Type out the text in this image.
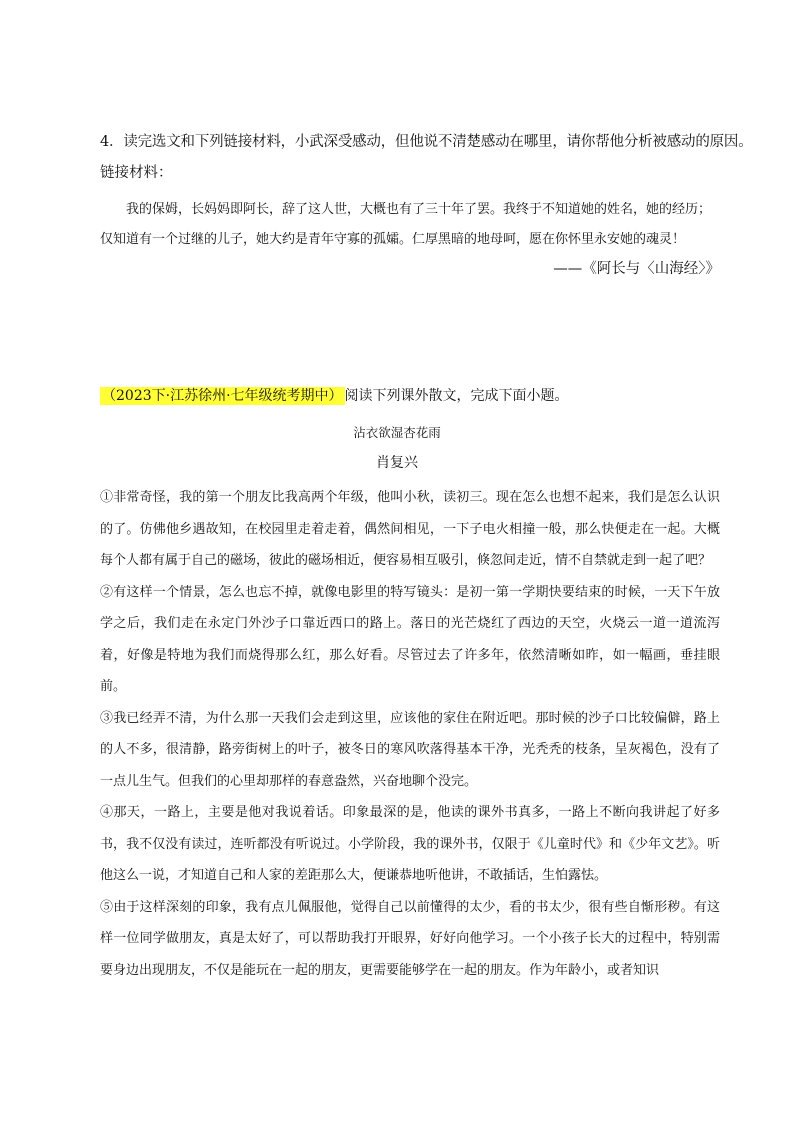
4．读完选文和下列链接材料，小武深受感动，但他说不清楚感动在哪里，请你帮他分析被感动的原因。
链接材料：

我的保姆，长妈妈即阿长，辞了这人世，大概也有了三十年了罢。我终于不知道她的姓名，她的经历；

仅知道有一个过继的儿子，她大约是青年守寡的孤孀。仁厚黑暗的地母呵，愿在你怀里永安她的魂灵！

——《阿长与〈山海经〉》
（2023下·江苏徐州·七年级统考期中） 阅读下列课外散文，完成下面小题。
沾衣欲湿杏花雨
肖复兴

①非常奇怪，我的第一个朋友比我高两个年级，他叫小秋，读初三。现在怎么也想不起来，我们是怎么认识的了。仿佛他乡遇故知，在校园里走着走着，偶然间相见，一下子电火相撞一般，那么快便走在一起。大概每个人都有属于自己的磁场，彼此的磁场相近，便容易相互吸引，倏忽间走近，情不自禁就走到一起了吧？

②有这样一个情景，怎么也忘不掉，就像电影里的特写镜头：是初一第一学期快要结束的时候，一天下午放学之后，我们走在永定门外沙子口靠近西口的路上。落日的光芒烧红了西边的天空，火烧云一道一道流泻着，好像是特地为我们而烧得那么红，那么好看。尽管过去了许多年，依然清晰如昨，如一幅画，垂挂眼前。

③我已经弄不清，为什么那一天我们会走到这里，应该他的家住在附近吧。那时候的沙子口比较偏僻，路上的人不多，很清静，路旁街树上的叶子，被冬日的寒风吹落得基本干净，光秃秃的枝条，呈灰褐色，没有了一点儿生气。但我们的心里却那样的春意盎然，兴奋地聊个没完。

④那天，一路上，主要是他对我说着话。印象最深的是，他读的课外书真多，一路上不断向我讲起了好多书，我不仅没有读过，连听都没有听说过。小学阶段，我的课外书，仅限于《儿童时代》和《少年文艺》。听他这么一说，才知道自己和人家的差距那么大，便谦恭地听他讲，不敢插话，生怕露怯。

⑤由于这样深刻的印象，我有点儿佩服他，觉得自己以前懂得的太少，看的书太少，很有些自惭形秽。有这样一位同学做朋友，真是太好了，可以帮助我打开眼界，好好向他学习。一个小孩子长大的过程中，特别需要身边出现朋友，不仅是能玩在一起的朋友，更需要能够学在一起的朋友。作为年龄小，或者知识
